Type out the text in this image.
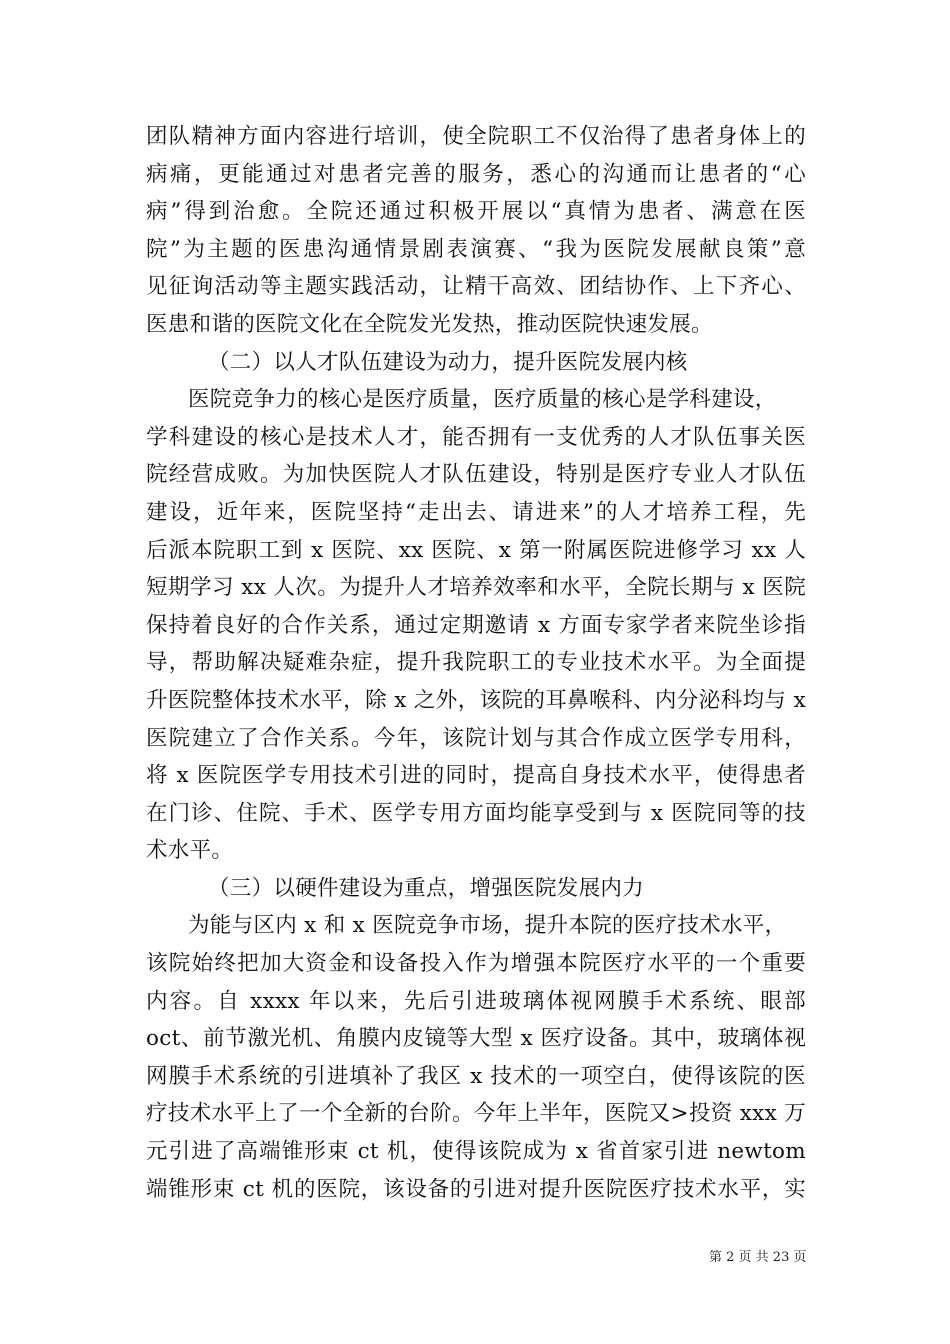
团队精神方面内容进行培训，使全院职工不仅治得了患者身体上的
病痛，更能通过对患者完善的服务，悉心的沟通而让患者的“心
病”得到治愈。全院还通过积极开展以“真情为患者、满意在医
院”为主题的医患沟通情景剧表演赛、“我为医院发展献良策”意
见征询活动等主题实践活动，让精干高效、团结协作、上下齐心、
医患和谐的医院文化在全院发光发热，推动医院快速发展。
（二）以人才队伍建设为动力，提升医院发展内核
医院竞争力的核心是医疗质量，医疗质量的核心是学科建设，
学科建设的核心是技术人才，能否拥有一支优秀的人才队伍事关医
院经营成败。为加快医院人才队伍建设，特别是医疗专业人才队伍
建设，近年来，医院坚持“走出去、请进来”的人才培养工程，先
后派本院职工到 x 医院、xx 医院、x 第一附属医院进修学习 xx 人
短期学习 xx 人次。为提升人才培养效率和水平，全院长期与 x 医院
保持着良好的合作关系，通过定期邀请 x 方面专家学者来院坐诊指
导，帮助解决疑难杂症，提升我院职工的专业技术水平。为全面提
升医院整体技术水平，除 x 之外，该院的耳鼻喉科、内分泌科均与 x
医院建立了合作关系。今年，该院计划与其合作成立医学专用科，
将 x 医院医学专用技术引进的同时，提高自身技术水平，使得患者
在门诊、住院、手术、医学专用方面均能享受到与 x 医院同等的技
术水平。
（三）以硬件建设为重点，增强医院发展内力
为能与区内 x 和 x 医院竞争市场，提升本院的医疗技术水平，
该院始终把加大资金和设备投入作为增强本院医疗水平的一个重要
内容。自 xxxx 年以来，先后引进玻璃体视网膜手术系统、眼部
oct、前节激光机、角膜内皮镜等大型 x 医疗设备。其中，玻璃体视
网膜手术系统的引进填补了我区 x 技术的一项空白，使得该院的医
疗技术水平上了一个全新的台阶。今年上半年，医院又>投资 xxx 万
元引进了高端锥形束 ct 机，使得该院成为 x 省首家引进 newtom
端锥形束 ct 机的医院，该设备的引进对提升医院医疗技术水平，实
第 2 页 共 23 页
